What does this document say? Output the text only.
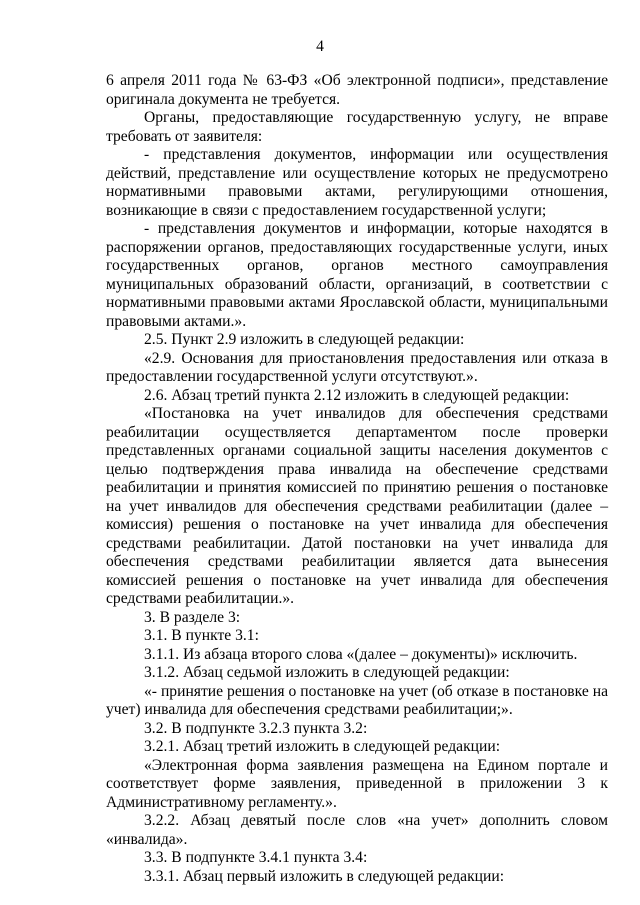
4

6 апреля 2011 года № 63-ФЗ «Об электронной подписи», представление оригинала документа не требуется.

Органы, предоставляющие государственную услугу, не вправе требовать от заявителя:

- представления документов, информации или осуществления действий, представление или осуществление которых не предусмотрено нормативными правовыми актами, регулирующими отношения, возникающие в связи с предоставлением государственной услуги;

- представления документов и информации, которые находятся в распоряжении органов, предоставляющих государственные услуги, иных государственных органов, органов местного самоуправления муниципальных образований области, организаций, в соответствии с нормативными правовыми актами Ярославской области, муниципальными правовыми актами.».

2.5. Пункт 2.9 изложить в следующей редакции:

«2.9. Основания для приостановления предоставления или отказа в предоставлении государственной услуги отсутствуют.».

2.6. Абзац третий пункта 2.12 изложить в следующей редакции:

«Постановка на учет инвалидов для обеспечения средствами реабилитации осуществляется департаментом после проверки представленных органами социальной защиты населения документов с целью подтверждения права инвалида на обеспечение средствами реабилитации и принятия комиссией по принятию решения о постановке на учет инвалидов для обеспечения средствами реабилитации (далее – комиссия) решения о постановке на учет инвалида для обеспечения средствами реабилитации. Датой постановки на учет инвалида для обеспечения средствами реабилитации является дата вынесения комиссией решения о постановке на учет инвалида для обеспечения средствами реабилитации.».

3. В разделе 3:

3.1. В пункте 3.1:

3.1.1. Из абзаца второго слова «(далее – документы)» исключить.

3.1.2. Абзац седьмой изложить в следующей редакции:

«- принятие решения о постановке на учет (об отказе в постановке на учет) инвалида для обеспечения средствами реабилитации;».

3.2. В подпункте 3.2.3 пункта 3.2:

3.2.1. Абзац третий изложить в следующей редакции:

«Электронная форма заявления размещена на Едином портале и соответствует форме заявления, приведенной в приложении 3 к Административному регламенту.».

3.2.2. Абзац девятый после слов «на учет» дополнить словом «инвалида».

3.3. В подпункте 3.4.1 пункта 3.4:

3.3.1. Абзац первый изложить в следующей редакции:
